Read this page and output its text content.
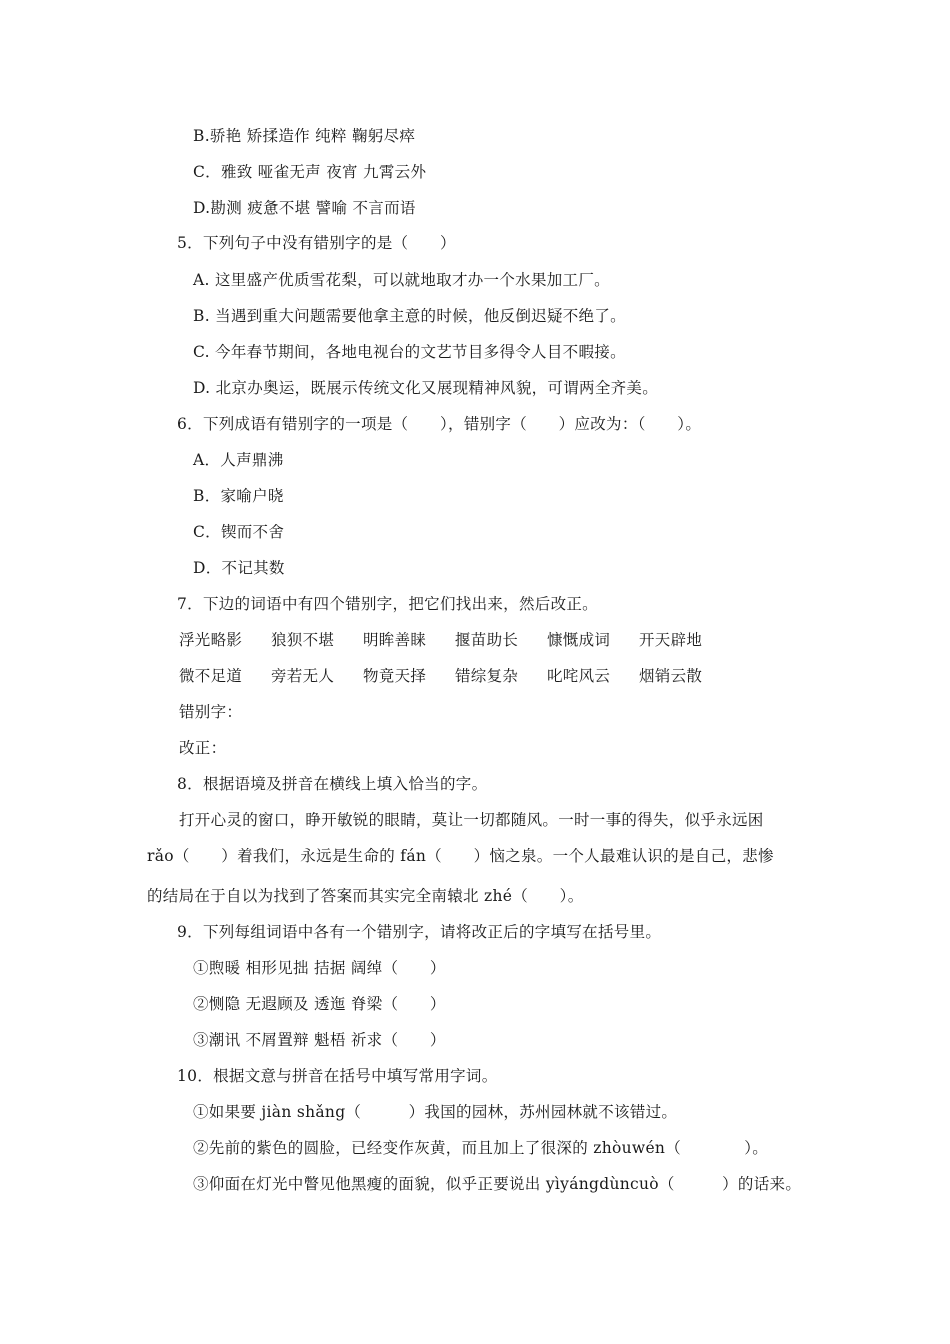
B.骄艳 矫揉造作 纯粹 鞠躬尽瘁
C．雅致 哑雀无声 夜宵 九霄云外
D.勘测 疲惫不堪 譬喻 不言而语
5．下列句子中没有错别字的是（　　）
A. 这里盛产优质雪花梨，可以就地取才办一个水果加工厂。
B. 当遇到重大问题需要他拿主意的时候，他反倒迟疑不绝了。
C. 今年春节期间，各地电视台的文艺节目多得令人目不暇接。
D. 北京办奥运，既展示传统文化又展现精神风貌，可谓两全齐美。
6．下列成语有错别字的一项是（　　），错别字（　　）应改为：（　　）。
A．人声鼎沸
B．家喻户晓
C．锲而不舍
D．不记其数
7．下边的词语中有四个错别字，把它们找出来，然后改正。
浮光略影	狼狈不堪	明眸善睐	揠苗助长	慷慨成词	开天辟地
微不足道	旁若无人	物竟天择	错综复杂	叱咤风云	烟销云散
错别字：
改正：
8．根据语境及拼音在横线上填入恰当的字。
打开心灵的窗口，睁开敏锐的眼睛，莫让一切都随风。一时一事的得失，似乎永远困
rǎo（　　）着我们，永远是生命的 fán（　　）恼之泉。一个人最难认识的是自己，悲惨
的结局在于自以为找到了答案而其实完全南辕北 zhé（　　）。
9．下列每组词语中各有一个错别字，请将改正后的字填写在括号里。
①煦暖 相形见拙 拮据 阔绰（　　）
②恻隐 无遐顾及 透迤 脊梁（　　）
③潮讯 不屑置辩 魁梧 祈求（　　）
10．根据文意与拼音在括号中填写常用字词。
①如果要 jiàn shǎng（　　　）我国的园林，苏州园林就不该错过。
②先前的紫色的圆脸，已经变作灰黄，而且加上了很深的 zhòuwén（　　　　）。
③仰面在灯光中瞥见他黑瘦的面貌，似乎正要说出 yìyángdùncuò（　　　）的话来。
